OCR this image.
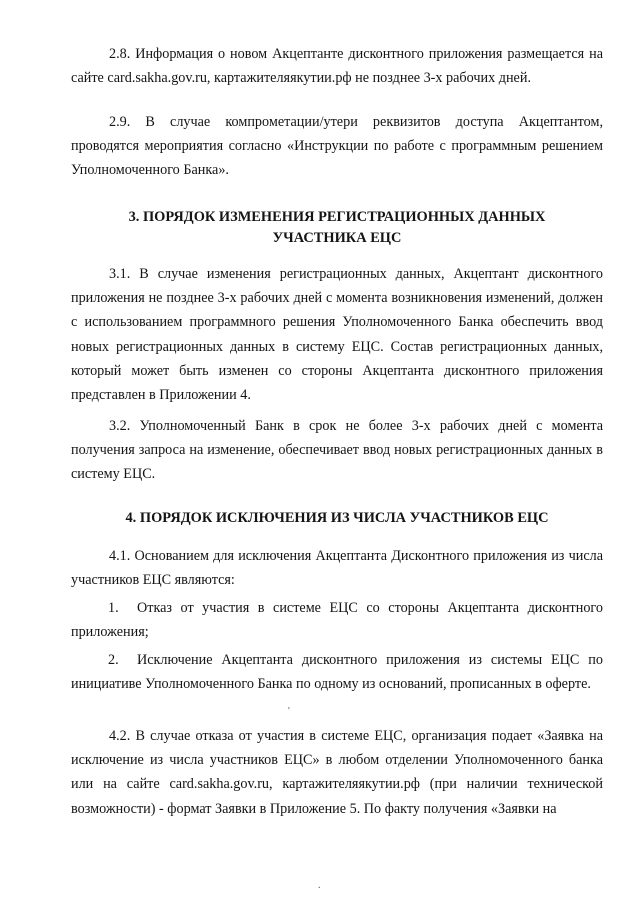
2.8. Информация о новом Акцептанте дисконтного приложения размещается на сайте card.sakha.gov.ru, картажителяякутии.рф не позднее 3-х рабочих дней.

2.9. В случае компрометации/утери реквизитов доступа Акцептантом, проводятся мероприятия согласно «Инструкции по работе с программным решением Уполномоченного Банка».

3. ПОРЯДОК ИЗМЕНЕНИЯ РЕГИСТРАЦИОННЫХ ДАННЫХ
УЧАСТНИКА ЕЦС

3.1. В случае изменения регистрационных данных, Акцептант дисконтного приложения не позднее 3-х рабочих дней с момента возникновения изменений, должен с использованием программного решения Уполномоченного Банка обеспечить ввод новых регистрационных данных в систему ЕЦС. Состав регистрационных данных, который может быть изменен со стороны Акцептанта дисконтного приложения представлен в Приложении 4.

3.2. Уполномоченный Банк в срок не более 3-х рабочих дней с момента получения запроса на изменение, обеспечивает ввод новых регистрационных данных в систему ЕЦС.

4. ПОРЯДОК ИСКЛЮЧЕНИЯ ИЗ ЧИСЛА УЧАСТНИКОВ ЕЦС

4.1. Основанием для исключения Акцептанта Дисконтного приложения из числа участников ЕЦС являются:

1. Отказ от участия в системе ЕЦС со стороны Акцептанта дисконтного приложения;

2. Исключение Акцептанта дисконтного приложения из системы ЕЦС по инициативе Уполномоченного Банка по одному из оснований, прописанных в оферте.

4.2. В случае отказа от участия в системе ЕЦС, организация подает «Заявка на исключение из числа участников ЕЦС» в любом отделении Уполномоченного банка или на сайте card.sakha.gov.ru, картажителяякутии.рф (при наличии технической возможности) - формат Заявки в Приложение 5. По факту получения «Заявки на

'
.
